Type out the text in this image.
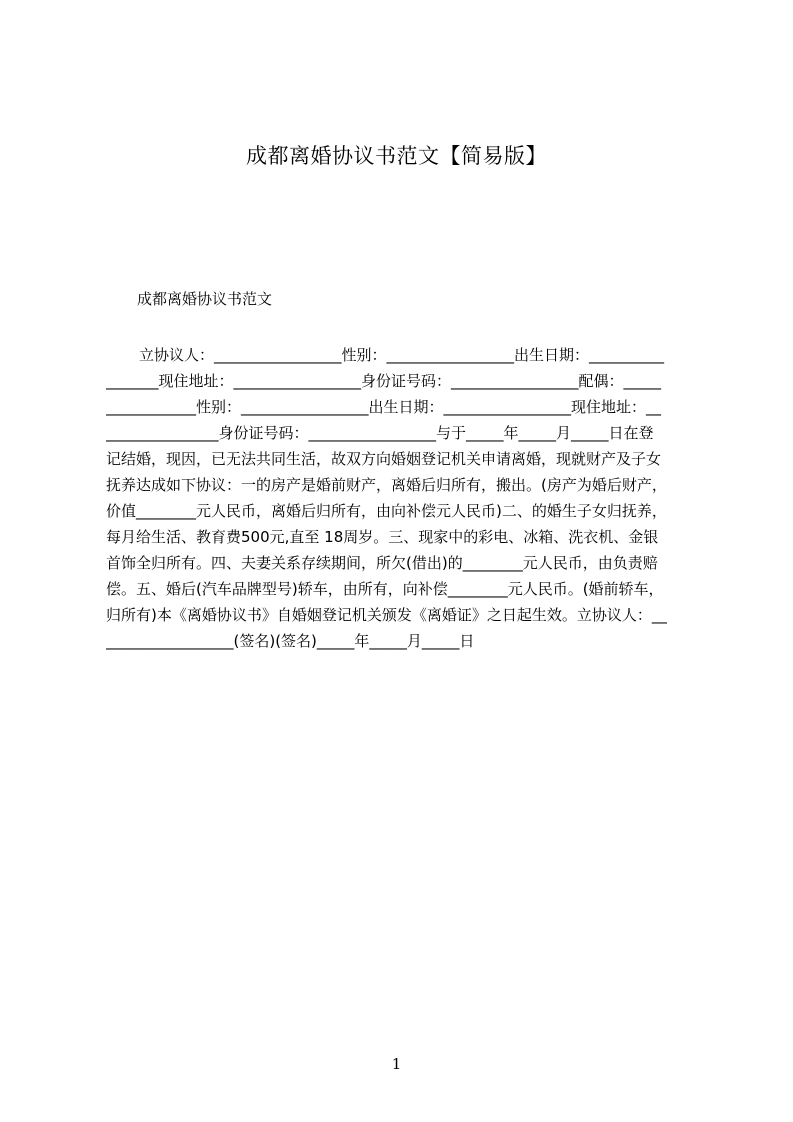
成都离婚协议书范文【简易版】
成都离婚协议书范文
立协议人：_________________性别：_________________出生日期：__________
_______现住地址：_________________身份证号码：_________________配偶：_____
____________性别：_________________出生日期：_________________现住地址：__
_______________身份证号码：_________________与于_____年_____月_____日在登
记结婚，现因，已无法共同生活，故双方向婚姻登记机关申请离婚，现就财产及子女
抚养达成如下协议：一的房产是婚前财产，离婚后归所有，搬出。(房产为婚后财产，
价值________元人民币，离婚后归所有，由向补偿元人民币)二、的婚生子女归抚养，
每月给生活、教育费500元,直至 18周岁。三、现家中的彩电、冰箱、洗衣机、金银
首饰全归所有。四、夫妻关系存续期间，所欠(借出)的________元人民币，由负责赔
偿。五、婚后(汽车品牌型号)轿车，由所有，向补偿________元人民币。(婚前轿车，
归所有)本《离婚协议书》自婚姻登记机关颁发《离婚证》之日起生效。立协议人：__
_________________(签名)(签名)_____年_____月_____日
1
